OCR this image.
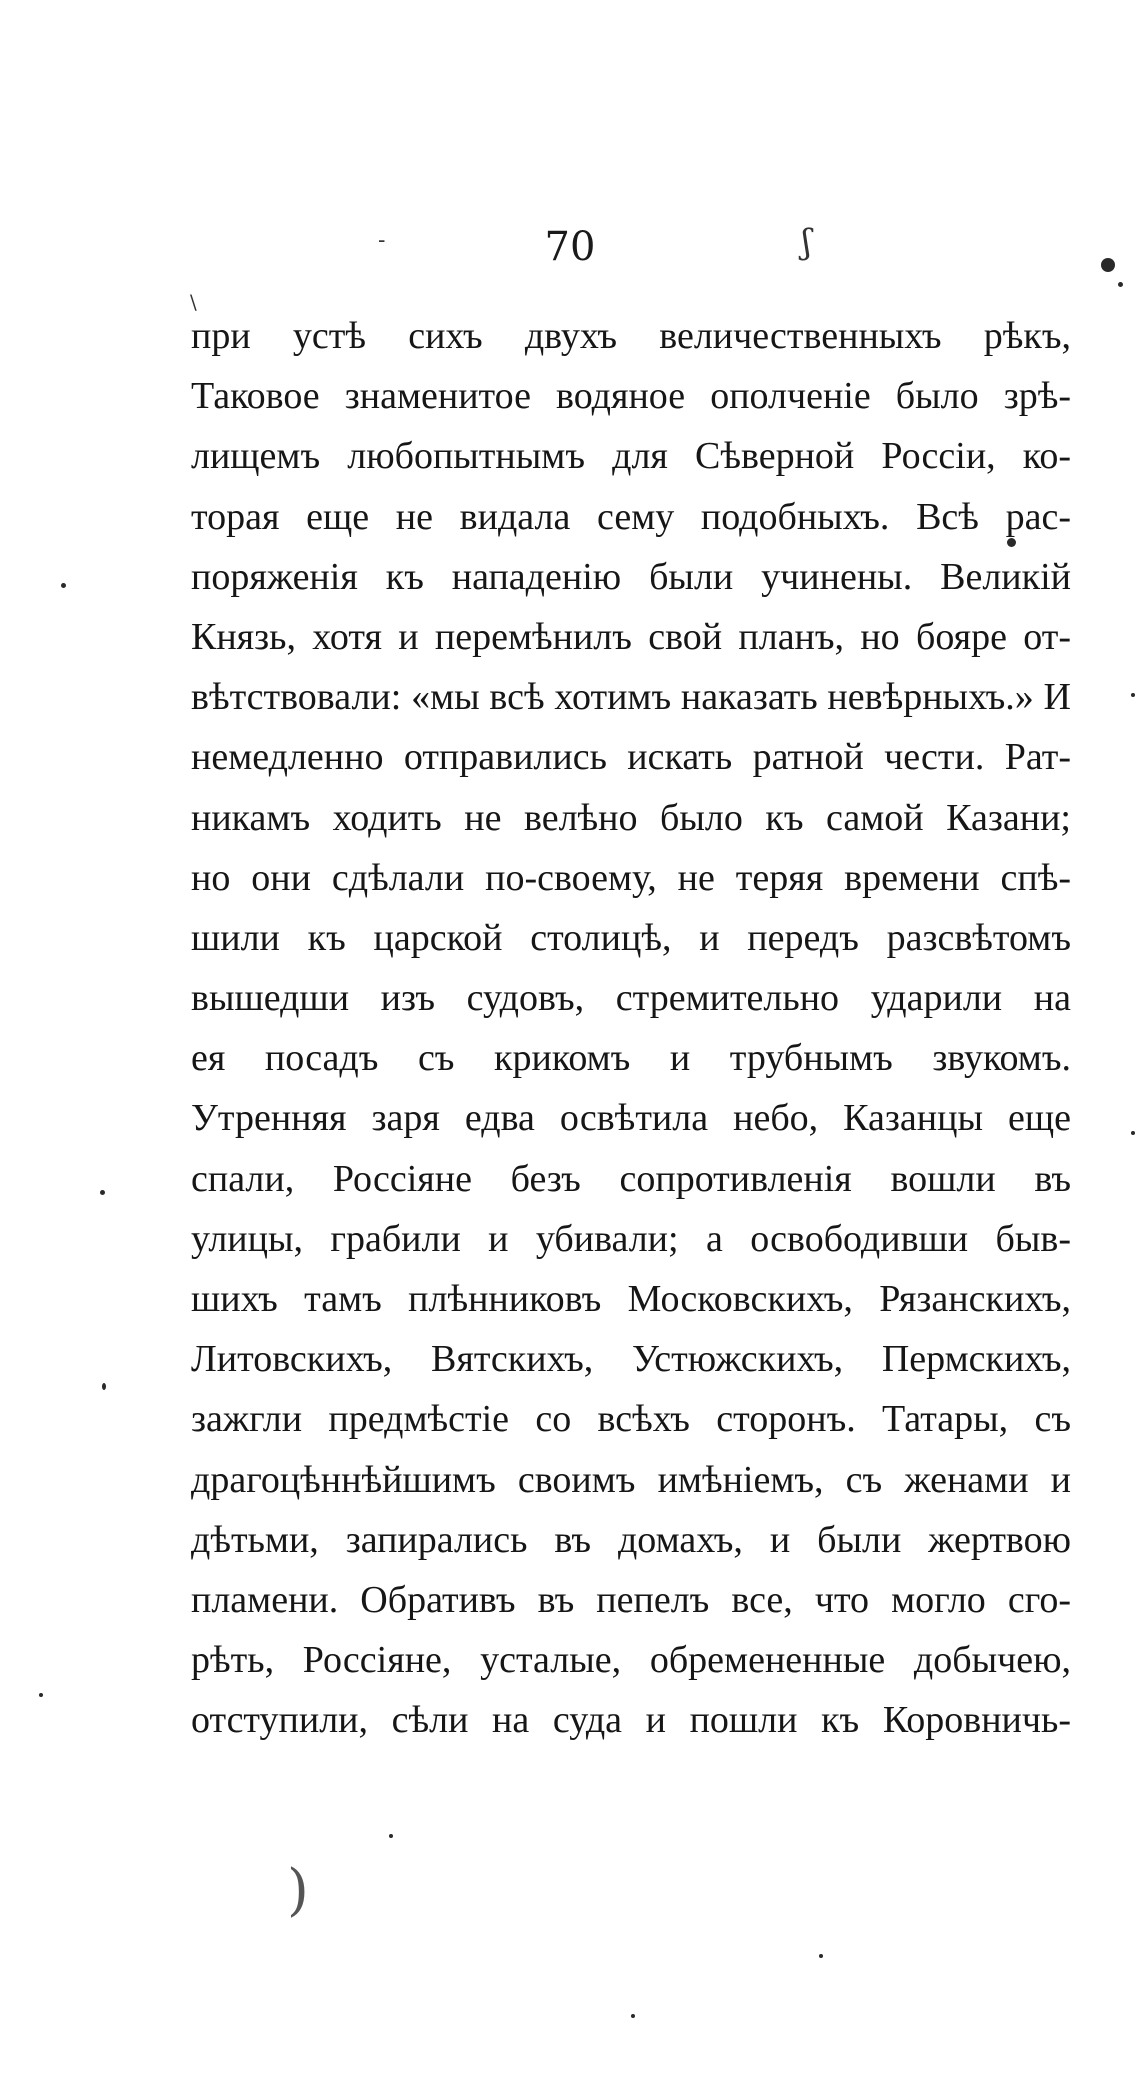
70
при устѣ сихъ двухъ величественныхъ рѣкъ,
Таковое знаменитое водяное ополченіе было зрѣ-
лищемъ любопытнымъ для Сѣверной Россіи, ко-
торая еще не видала сему подобныхъ. Всѣ рас-
поряженія къ нападенію были учинены. Великій
Князь, хотя и перемѣнилъ свой планъ, но бояре от-
вѣтствовали: «мы всѣ хотимъ наказать невѣрныхъ.» И
немедленно отправились искать ратной чести. Рат-
никамъ ходить не велѣно было къ самой Казани;
но они сдѣлали по-своему, не теряя времени спѣ-
шили къ царской столицѣ, и передъ разсвѣтомъ
вышедши изъ судовъ, стремительно ударили на
ея посадъ съ крикомъ и трубнымъ звукомъ.
Утренняя заря едва освѣтила небо, Казанцы еще
спали, Россіяне безъ сопротивленія вошли въ
улицы, грабили и убивали; а освободивши быв-
шихъ тамъ плѣнниковъ Московскихъ, Рязанскихъ,
Литовскихъ, Вятскихъ, Устюжскихъ, Пермскихъ,
зажгли предмѣстіе со всѣхъ сторонъ. Татары, съ
драгоцѣннѣйшимъ своимъ имѣніемъ, съ женами и
дѣтьми, запирались въ домахъ, и были жертвою
пламени. Обративъ въ пепелъ все, что могло сго-
рѣть, Россіяне, усталые, обремененные добычею,
отступили, сѣли на суда и пошли къ Коровничь-
-	ʃ
)
\
